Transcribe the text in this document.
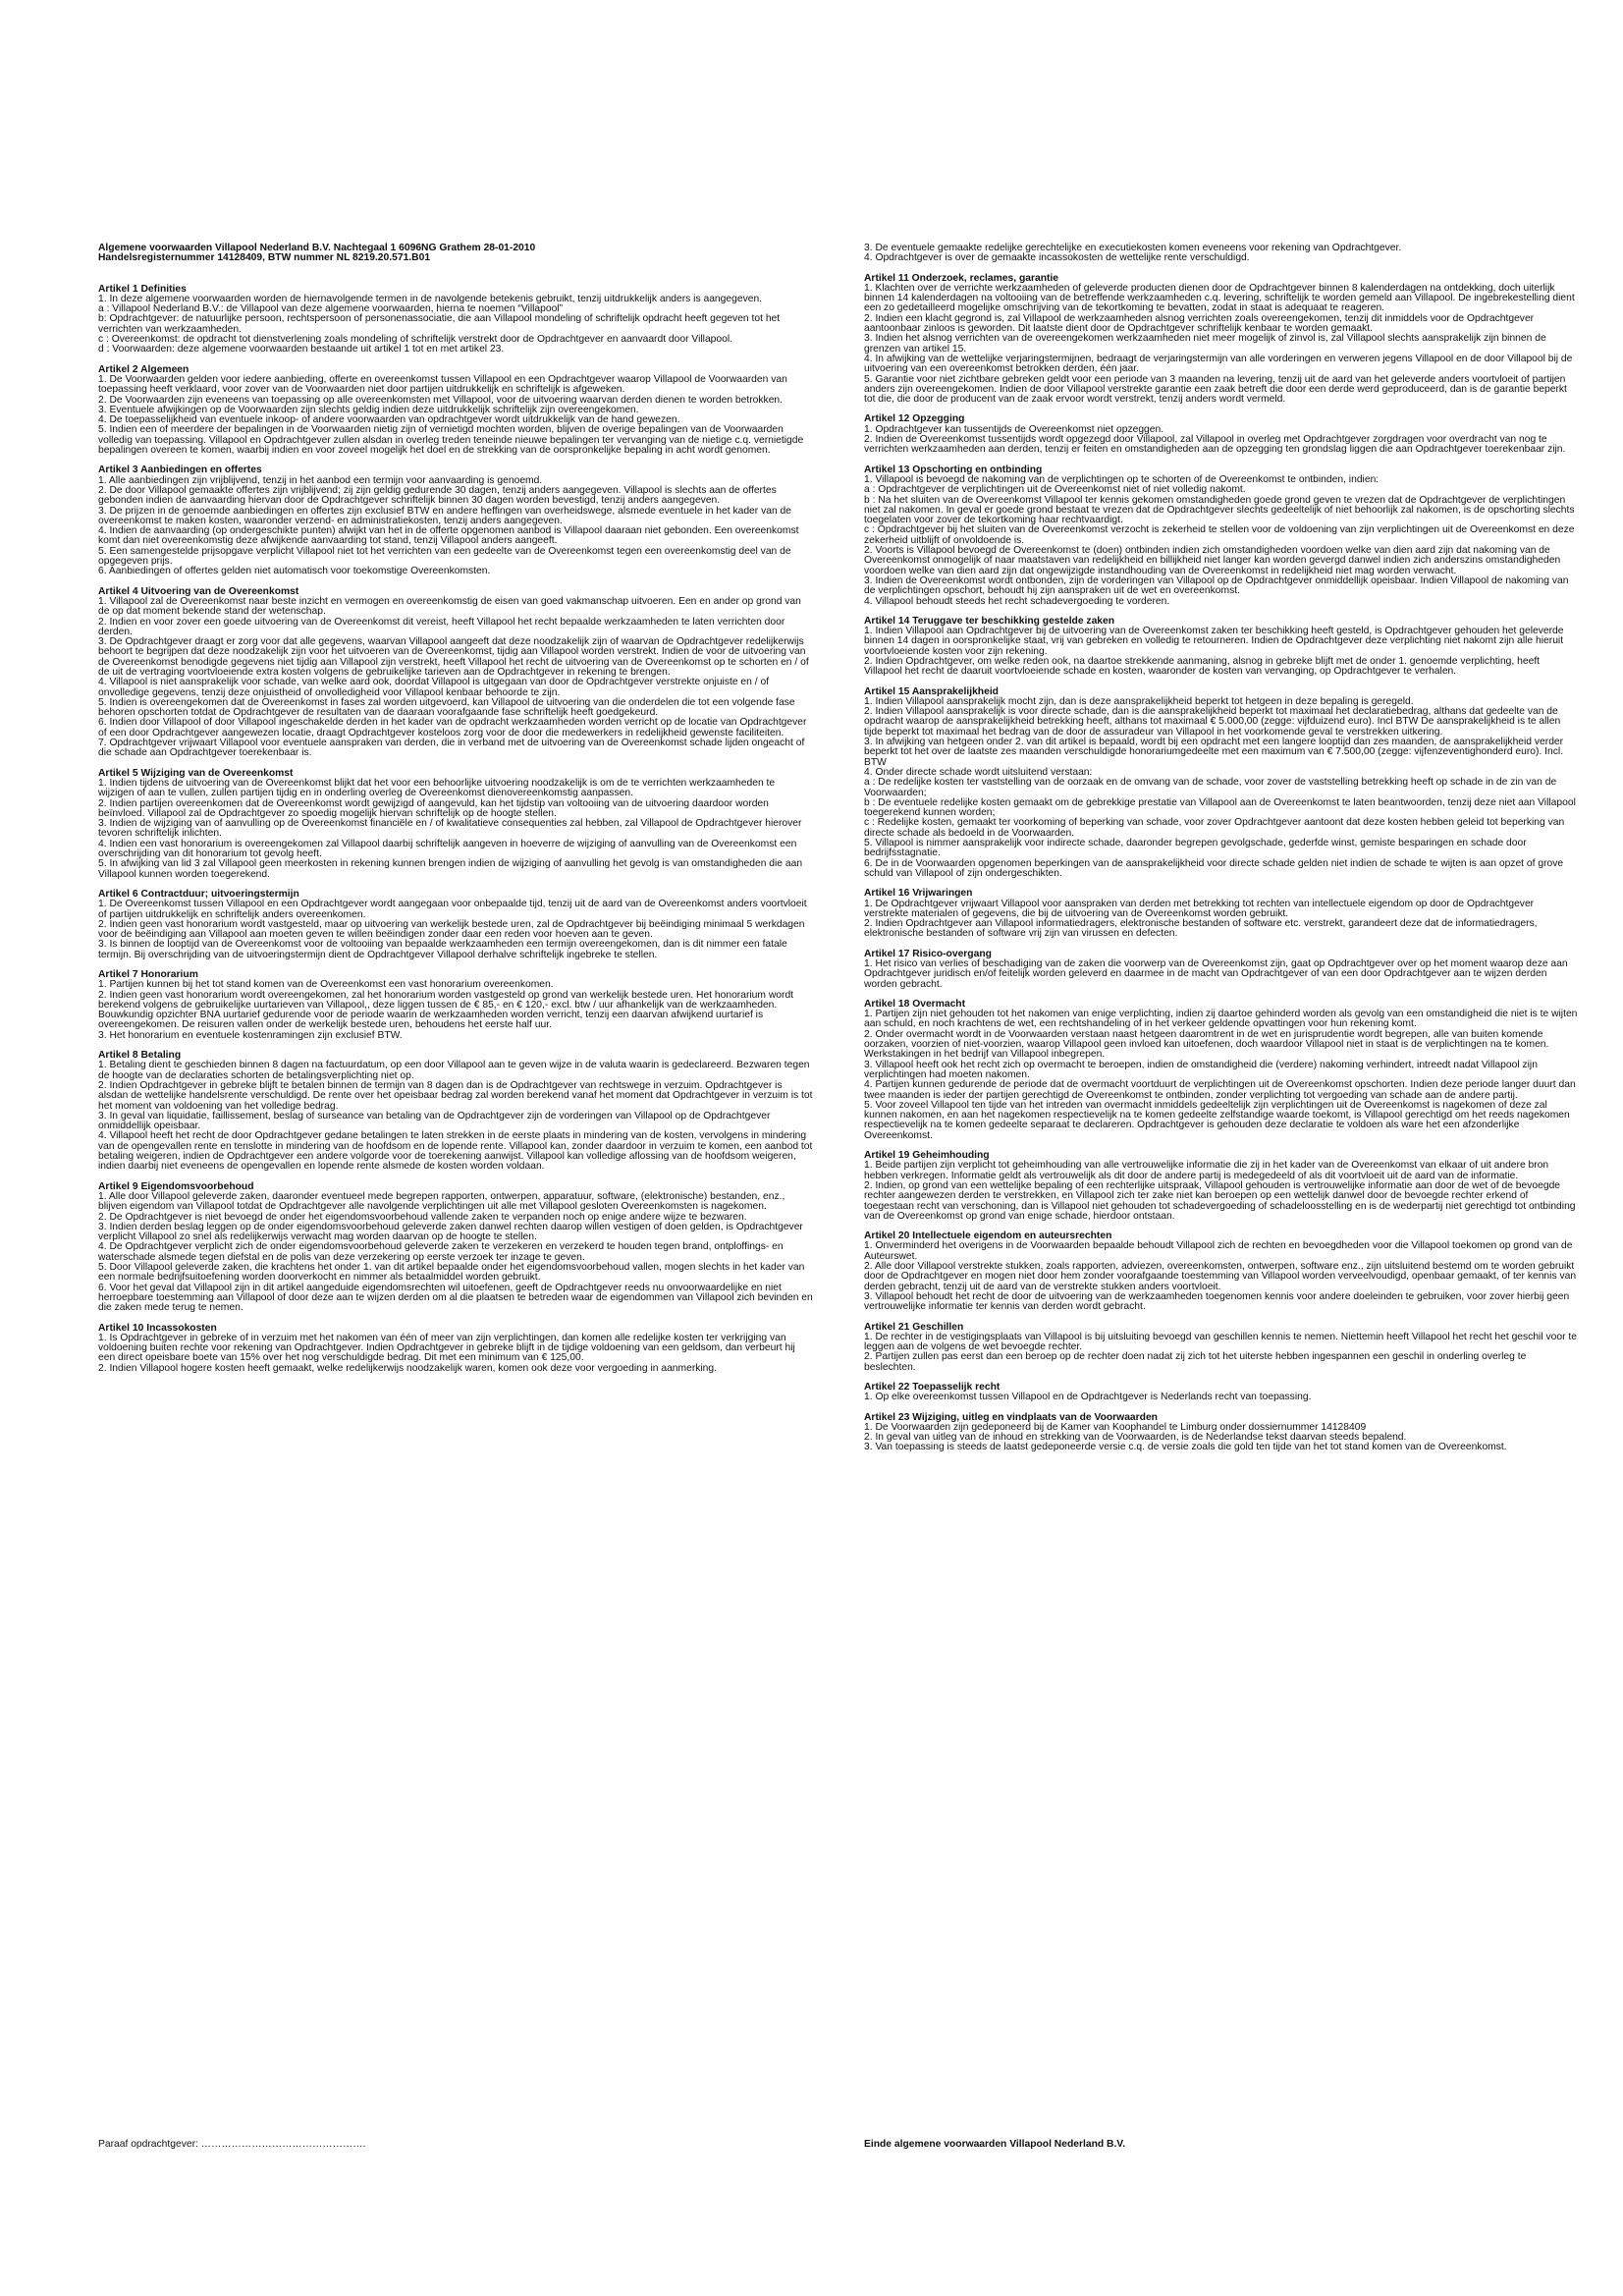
Algemene voorwaarden Villapool Nederland B.V. Nachtegaal 1 6096NG Grathem 28-01-2010
Handelsregisternummer 14128409, BTW nummer NL 8219.20.571.B01
Artikel 1 Definities

1. In deze algemene voorwaarden worden de hiernavolgende termen in de navolgende betekenis gebruikt, tenzij uitdrukkelijk anders is aangegeven.

a : Villapool Nederland B.V.: de Villapool van deze algemene voorwaarden, hierna te noemen “Villapool”

b: Opdrachtgever: de natuurlijke persoon, rechtspersoon of personenassociatie, die aan Villapool mondeling of schriftelijk opdracht heeft gegeven tot het verrichten van werkzaamheden.

c : Overeenkomst: de opdracht tot dienstverlening zoals mondeling of schriftelijk verstrekt door de Opdrachtgever en aanvaardt door Villapool.

d : Voorwaarden: deze algemene voorwaarden bestaande uit artikel 1 tot en met artikel 23.

Artikel 2 Algemeen

1. De Voorwaarden gelden voor iedere aanbieding, offerte en overeenkomst tussen Villapool en een Opdrachtgever waarop Villapool de Voorwaarden van toepassing heeft verklaard, voor zover van de Voorwaarden niet door partijen uitdrukkelijk en schriftelijk is afgeweken.

2. De Voorwaarden zijn eveneens van toepassing op alle overeenkomsten met Villapool, voor de uitvoering waarvan derden dienen te worden betrokken.

3. Eventuele afwijkingen op de Voorwaarden zijn slechts geldig indien deze uitdrukkelijk schriftelijk zijn overeengekomen.

4. De toepasselijkheid van eventuele inkoop- of andere voorwaarden van opdrachtgever wordt uitdrukkelijk van de hand gewezen.

5. Indien een of meerdere der bepalingen in de Voorwaarden nietig zijn of vernietigd mochten worden, blijven de overige bepalingen van de Voorwaarden volledig van toepassing. Villapool en Opdrachtgever zullen alsdan in overleg treden teneinde nieuwe bepalingen ter vervanging van de nietige c.q. vernietigde bepalingen overeen te komen, waarbij indien en voor zoveel mogelijk het doel en de strekking van de oorspronkelijke bepaling in acht wordt genomen.

Artikel 3 Aanbiedingen en offertes

1. Alle aanbiedingen zijn vrijblijvend, tenzij in het aanbod een termijn voor aanvaarding is genoemd.

2. De door Villapool gemaakte offertes zijn vrijblijvend; zij zijn geldig gedurende 30 dagen, tenzij anders aangegeven. Villapool is slechts aan de offertes gebonden indien de aanvaarding hiervan door de Opdrachtgever schriftelijk binnen 30 dagen worden bevestigd, tenzij anders aangegeven.

3. De prijzen in de genoemde aanbiedingen en offertes zijn exclusief BTW en andere heffingen van overheidswege, alsmede eventuele in het kader van de overeenkomst te maken kosten, waaronder verzend- en administratiekosten, tenzij anders aangegeven.

4. Indien de aanvaarding (op ondergeschikte punten) afwijkt van het in de offerte opgenomen aanbod is Villapool daaraan niet gebonden. Een overeenkomst komt dan niet overeenkomstig deze afwijkende aanvaarding tot stand, tenzij Villapool anders aangeeft.

5. Een samengestelde prijsopgave verplicht Villapool niet tot het verrichten van een gedeelte van de Overeenkomst tegen een overeenkomstig deel van de opgegeven prijs.

6. Aanbiedingen of offertes gelden niet automatisch voor toekomstige Overeenkomsten.

Artikel 4 Uitvoering van de Overeenkomst

1. Villapool zal de Overeenkomst naar beste inzicht en vermogen en overeenkomstig de eisen van goed vakmanschap uitvoeren. Een en ander op grond van de op dat moment bekende stand der wetenschap.

2. Indien en voor zover een goede uitvoering van de Overeenkomst dit vereist, heeft Villapool het recht bepaalde werkzaamheden te laten verrichten door derden.

3. De Opdrachtgever draagt er zorg voor dat alle gegevens, waarvan Villapool aangeeft dat deze noodzakelijk zijn of waarvan de Opdrachtgever redelijkerwijs behoort te begrijpen dat deze noodzakelijk zijn voor het uitvoeren van de Overeenkomst, tijdig aan Villapool worden verstrekt. Indien de voor de uitvoering van de Overeenkomst benodigde gegevens niet tijdig aan Villapool zijn verstrekt, heeft Villapool het recht de uitvoering van de Overeenkomst op te schorten en / of de uit de vertraging voortvloeiende extra kosten volgens de gebruikelijke tarieven aan de Opdrachtgever in rekening te brengen.

4. Villapool is niet aansprakelijk voor schade, van welke aard ook, doordat Villapool is uitgegaan van door de Opdrachtgever verstrekte onjuiste en / of onvolledige gegevens, tenzij deze onjuistheid of onvolledigheid voor Villapool kenbaar behoorde te zijn.

5. Indien is overeengekomen dat de Overeenkomst in fases zal worden uitgevoerd, kan Villapool de uitvoering van die onderdelen die tot een volgende fase behoren opschorten totdat de Opdrachtgever de resultaten van de daaraan voorafgaande fase schriftelijk heeft goedgekeurd.

6. Indien door Villapool of door Villapool ingeschakelde derden in het kader van de opdracht werkzaamheden worden verricht op de locatie van Opdrachtgever of een door Opdrachtgever aangewezen locatie, draagt Opdrachtgever kosteloos zorg voor de door die medewerkers in redelijkheid gewenste faciliteiten.

7. Opdrachtgever vrijwaart Villapool voor eventuele aanspraken van derden, die in verband met de uitvoering van de Overeenkomst schade lijden ongeacht of die schade aan Opdrachtgever toerekenbaar is.

Artikel 5 Wijziging van de Overeenkomst

1. Indien tijdens de uitvoering van de Overeenkomst blijkt dat het voor een behoorlijke uitvoering noodzakelijk is om de te verrichten werkzaamheden te wijzigen of aan te vullen, zullen partijen tijdig en in onderling overleg de Overeenkomst dienovereenkomstig aanpassen.

2. Indien partijen overeenkomen dat de Overeenkomst wordt gewijzigd of aangevuld, kan het tijdstip van voltooiing van de uitvoering daardoor worden beïnvloed. Villapool zal de Opdrachtgever zo spoedig mogelijk hiervan schriftelijk op de hoogte stellen.

3. Indien de wijziging van of aanvulling op de Overeenkomst financiële en / of kwalitatieve consequenties zal hebben, zal Villapool de Opdrachtgever hierover tevoren schriftelijk inlichten.

4. Indien een vast honorarium is overeengekomen zal Villapool daarbij schriftelijk aangeven in hoeverre de wijziging of aanvulling van de Overeenkomst een overschrijding van dit honorarium tot gevolg heeft.

5. In afwijking van lid 3 zal Villapool geen meerkosten in rekening kunnen brengen indien de wijziging of aanvulling het gevolg is van omstandigheden die aan Villapool kunnen worden toegerekend.

Artikel 6 Contractduur; uitvoeringstermijn

1. De Overeenkomst tussen Villapool en een Opdrachtgever wordt aangegaan voor onbepaalde tijd, tenzij uit de aard van de Overeenkomst anders voortvloeit of partijen uitdrukkelijk en schriftelijk anders overeenkomen.

2. Indien geen vast honorarium wordt vastgesteld, maar op uitvoering van werkelijk bestede uren, zal de Opdrachtgever bij beëindiging minimaal 5 werkdagen voor de beëindiging aan Villapool aan moeten geven te willen beëindigen zonder daar een reden voor hoeven aan te geven.

3. Is binnen de looptijd van de Overeenkomst voor de voltooiing van bepaalde werkzaamheden een termijn overeengekomen, dan is dit nimmer een fatale termijn. Bij overschrijding van de uitvoeringstermijn dient de Opdrachtgever Villapool derhalve schriftelijk ingebreke te stellen.

Artikel 7 Honorarium

1. Partijen kunnen bij het tot stand komen van de Overeenkomst een vast honorarium overeenkomen.

2. Indien geen vast honorarium wordt overeengekomen, zal het honorarium worden vastgesteld op grond van werkelijk bestede uren. Het honorarium wordt berekend volgens de gebruikelijke uurtarieven van Villapool,, deze liggen tussen de € 85,- en € 120,- excl. btw / uur afhankelijk van de werkzaamheden. Bouwkundig opzichter BNA uurtarief gedurende voor de periode waarin de werkzaamheden worden verricht, tenzij een daarvan afwijkend uurtarief is overeengekomen. De reisuren vallen onder de werkelijk bestede uren, behoudens het eerste half uur.

3. Het honorarium en eventuele kostenramingen zijn exclusief BTW.

Artikel 8 Betaling

1. Betaling dient te geschieden binnen 8 dagen na factuurdatum, op een door Villapool aan te geven wijze in de valuta waarin is gedeclareerd. Bezwaren tegen de hoogte van de declaraties schorten de betalingsverplichting niet op.

2. Indien Opdrachtgever in gebreke blijft te betalen binnen de termijn van 8 dagen dan is de Opdrachtgever van rechtswege in verzuim. Opdrachtgever is alsdan de wettelijke handelsrente verschuldigd. De rente over het opeisbaar bedrag zal worden berekend vanaf het moment dat Opdrachtgever in verzuim is tot het moment van voldoening van het volledige bedrag.

3. In geval van liquidatie, faillissement, beslag of surseance van betaling van de Opdrachtgever zijn de vorderingen van Villapool op de Opdrachtgever onmiddellijk opeisbaar.

4. Villapool heeft het recht de door Opdrachtgever gedane betalingen te laten strekken in de eerste plaats in mindering van de kosten, vervolgens in mindering van de opengevallen rente en tenslotte in mindering van de hoofdsom en de lopende rente. Villapool kan, zonder daardoor in verzuim te komen, een aanbod tot betaling weigeren, indien de Opdrachtgever een andere volgorde voor de toerekening aanwijst. Villapool kan volledige aflossing van de hoofdsom weigeren, indien daarbij niet eveneens de opengevallen en lopende rente alsmede de kosten worden voldaan.

Artikel 9 Eigendomsvoorbehoud

1. Alle door Villapool geleverde zaken, daaronder eventueel mede begrepen rapporten, ontwerpen, apparatuur, software, (elektronische) bestanden, enz., blijven eigendom van Villapool totdat de Opdrachtgever alle navolgende verplichtingen uit alle met Villapool gesloten Overeenkomsten is nagekomen.

2. De Opdrachtgever is niet bevoegd de onder het eigendomsvoorbehoud vallende zaken te verpanden noch op enige andere wijze te bezwaren.

3. Indien derden beslag leggen op de onder eigendomsvoorbehoud geleverde zaken danwel rechten daarop willen vestigen of doen gelden, is Opdrachtgever verplicht Villapool zo snel als redelijkerwijs verwacht mag worden daarvan op de hoogte te stellen.

4. De Opdrachtgever verplicht zich de onder eigendomsvoorbehoud geleverde zaken te verzekeren en verzekerd te houden tegen brand, ontploffings- en waterschade alsmede tegen diefstal en de polis van deze verzekering op eerste verzoek ter inzage te geven.

5. Door Villapool geleverde zaken, die krachtens het onder 1. van dit artikel bepaalde onder het eigendomsvoorbehoud vallen, mogen slechts in het kader van een normale bedrijfsuitoefening worden doorverkocht en nimmer als betaalmiddel worden gebruikt.

6. Voor het geval dat Villapool zijn in dit artikel aangeduide eigendomsrechten wil uitoefenen, geeft de Opdrachtgever reeds nu onvoorwaardelijke en niet herroepbare toestemming aan Villapool of door deze aan te wijzen derden om al die plaatsen te betreden waar de eigendommen van Villapool zich bevinden en die zaken mede terug te nemen.

Artikel 10 Incassokosten

1. Is Opdrachtgever in gebreke of in verzuim met het nakomen van één of meer van zijn verplichtingen, dan komen alle redelijke kosten ter verkrijging van voldoening buiten rechte voor rekening van Opdrachtgever. Indien Opdrachtgever in gebreke blijft in de tijdige voldoening van een geldsom, dan verbeurt hij een direct opeisbare boete van 15% over het nog verschuldigde bedrag. Dit met een minimum van € 125,00.

2. Indien Villapool hogere kosten heeft gemaakt, welke redelijkerwijs noodzakelijk waren, komen ook deze voor vergoeding in aanmerking.

3. De eventuele gemaakte redelijke gerechtelijke en executiekosten komen eveneens voor rekening van Opdrachtgever.

4. Opdrachtgever is over de gemaakte incassokosten de wettelijke rente verschuldigd.

Artikel 11 Onderzoek, reclames, garantie

1. Klachten over de verrichte werkzaamheden of geleverde producten dienen door de Opdrachtgever binnen 8 kalenderdagen na ontdekking, doch uiterlijk binnen 14 kalenderdagen na voltooiing van de betreffende werkzaamheden c.q. levering, schriftelijk te worden gemeld aan Villapool. De ingebrekestelling dient een zo gedetailleerd mogelijke omschrijving van de tekortkoming te bevatten, zodat in staat is adequaat te reageren.

2. Indien een klacht gegrond is, zal Villapool de werkzaamheden alsnog verrichten zoals overeengekomen, tenzij dit inmiddels voor de Opdrachtgever aantoonbaar zinloos is geworden. Dit laatste dient door de Opdrachtgever schriftelijk kenbaar te worden gemaakt.

3. Indien het alsnog verrichten van de overeengekomen werkzaamheden niet meer mogelijk of zinvol is, zal Villapool slechts aansprakelijk zijn binnen de grenzen van artikel 15.

4. In afwijking van de wettelijke verjaringstermijnen, bedraagt de verjaringstermijn van alle vorderingen en verweren jegens Villapool en de door Villapool bij de uitvoering van een overeenkomst betrokken derden, één jaar.

5. Garantie voor niet zichtbare gebreken geldt voor een periode van 3 maanden na levering, tenzij uit de aard van het geleverde anders voortvloeit of partijen anders zijn overeengekomen. Indien de door Villapool verstrekte garantie een zaak betreft die door een derde werd geproduceerd, dan is de garantie beperkt tot die, die door de producent van de zaak ervoor wordt verstrekt, tenzij anders wordt vermeld.

Artikel 12 Opzegging

1. Opdrachtgever kan tussentijds de Overeenkomst niet opzeggen.

2. Indien de Overeenkomst tussentijds wordt opgezegd door Villapool, zal Villapool in overleg met Opdrachtgever zorgdragen voor overdracht van nog te verrichten werkzaamheden aan derden, tenzij er feiten en omstandigheden aan de opzegging ten grondslag liggen die aan Opdrachtgever toerekenbaar zijn.

Artikel 13 Opschorting en ontbinding

1. Villapool is bevoegd de nakoming van de verplichtingen op te schorten of de Overeenkomst te ontbinden, indien:

a : Opdrachtgever de verplichtingen uit de Overeenkomst niet of niet volledig nakomt.

b : Na het sluiten van de Overeenkomst Villapool ter kennis gekomen omstandigheden goede grond geven te vrezen dat de Opdrachtgever de verplichtingen niet zal nakomen. In geval er goede grond bestaat te vrezen dat de Opdrachtgever slechts gedeeltelijk of niet behoorlijk zal nakomen, is de opschorting slechts toegelaten voor zover de tekortkoming haar rechtvaardigt.

c : Opdrachtgever bij het sluiten van de Overeenkomst verzocht is zekerheid te stellen voor de voldoening van zijn verplichtingen uit de Overeenkomst en deze zekerheid uitblijft of onvoldoende is.

2. Voorts is Villapool bevoegd de Overeenkomst te (doen) ontbinden indien zich omstandigheden voordoen welke van dien aard zijn dat nakoming van de Overeenkomst onmogelijk of naar maatstaven van redelijkheid en billijkheid niet langer kan worden gevergd danwel indien zich anderszins omstandigheden voordoen welke van dien aard zijn dat ongewijzigde instandhouding van de Overeenkomst in redelijkheid niet mag worden verwacht.

3. Indien de Overeenkomst wordt ontbonden, zijn de vorderingen van Villapool op de Opdrachtgever onmiddellijk opeisbaar. Indien Villapool de nakoming van de verplichtingen opschort, behoudt hij zijn aanspraken uit de wet en overeenkomst.

4. Villapool behoudt steeds het recht schadevergoeding te vorderen.

Artikel 14 Teruggave ter beschikking gestelde zaken

1. Indien Villapool aan Opdrachtgever bij de uitvoering van de Overeenkomst zaken ter beschikking heeft gesteld, is Opdrachtgever gehouden het geleverde binnen 14 dagen in oorspronkelijke staat, vrij van gebreken en volledig te retourneren. Indien de Opdrachtgever deze verplichting niet nakomt zijn alle hieruit voortvloeiende kosten voor zijn rekening.

2. Indien Opdrachtgever, om welke reden ook, na daartoe strekkende aanmaning, alsnog in gebreke blijft met de onder 1. genoemde verplichting, heeft Villapool het recht de daaruit voortvloeiende schade en kosten, waaronder de kosten van vervanging, op Opdrachtgever te verhalen.

Artikel 15 Aansprakelijkheid

1. Indien Villapool aansprakelijk mocht zijn, dan is deze aansprakelijkheid beperkt tot hetgeen in deze bepaling is geregeld.

2. Indien Villapool aansprakelijk is voor directe schade, dan is die aansprakelijkheid beperkt tot maximaal het declaratiebedrag, althans dat gedeelte van de opdracht waarop de aansprakelijkheid betrekking heeft, althans tot maximaal € 5.000,00 (zegge: vijfduizend euro). Incl BTW De aansprakelijkheid is te allen tijde beperkt tot maximaal het bedrag van de door de assuradeur van Villapool in het voorkomende geval te verstrekken uitkering.

3. In afwijking van hetgeen onder 2. van dit artikel is bepaald, wordt bij een opdracht met een langere looptijd dan zes maanden, de aansprakelijkheid verder beperkt tot het over de laatste zes maanden verschuldigde honorariumgedeelte met een maximum van € 7.500,00 (zegge: vijfenzeventighonderd euro). Incl. BTW

4. Onder directe schade wordt uitsluitend verstaan:

a : De redelijke kosten ter vaststelling van de oorzaak en de omvang van de schade, voor zover de vaststelling betrekking heeft op schade in de zin van de Voorwaarden;

b : De eventuele redelijke kosten gemaakt om de gebrekkige prestatie van Villapool aan de Overeenkomst te laten beantwoorden, tenzij deze niet aan Villapool toegerekend kunnen worden;

c : Redelijke kosten, gemaakt ter voorkoming of beperking van schade, voor zover Opdrachtgever aantoont dat deze kosten hebben geleid tot beperking van directe schade als bedoeld in de Voorwaarden.

5. Villapool is nimmer aansprakelijk voor indirecte schade, daaronder begrepen gevolgschade, gederfde winst, gemiste besparingen en schade door bedrijfsstagnatie.

6. De in de Voorwaarden opgenomen beperkingen van de aansprakelijkheid voor directe schade gelden niet indien de schade te wijten is aan opzet of grove schuld van Villapool of zijn ondergeschikten.

Artikel 16 Vrijwaringen

1. De Opdrachtgever vrijwaart Villapool voor aanspraken van derden met betrekking tot rechten van intellectuele eigendom op door de Opdrachtgever verstrekte materialen of gegevens, die bij de uitvoering van de Overeenkomst worden gebruikt.

2. Indien Opdrachtgever aan Villapool informatiedragers, elektronische bestanden of software etc. verstrekt, garandeert deze dat de informatiedragers, elektronische bestanden of software vrij zijn van virussen en defecten.

Artikel 17 Risico-overgang

1. Het risico van verlies of beschadiging van de zaken die voorwerp van de Overeenkomst zijn, gaat op Opdrachtgever over op het moment waarop deze aan Opdrachtgever juridisch en/of feitelijk worden geleverd en daarmee in de macht van Opdrachtgever of van een door Opdrachtgever aan te wijzen derden worden gebracht.

Artikel 18 Overmacht

1. Partijen zijn niet gehouden tot het nakomen van enige verplichting, indien zij daartoe gehinderd worden als gevolg van een omstandigheid die niet is te wijten aan schuld, en noch krachtens de wet, een rechtshandeling of in het verkeer geldende opvattingen voor hun rekening komt.

2. Onder overmacht wordt in de Voorwaarden verstaan naast hetgeen daaromtrent in de wet en jurisprudentie wordt begrepen, alle van buiten komende oorzaken, voorzien of niet-voorzien, waarop Villapool geen invloed kan uitoefenen, doch waardoor Villapool niet in staat is de verplichtingen na te komen. Werkstakingen in het bedrijf van Villapool inbegrepen.

3. Villapool heeft ook het recht zich op overmacht te beroepen, indien de omstandigheid die (verdere) nakoming verhindert, intreedt nadat Villapool zijn verplichtingen had moeten nakomen.

4. Partijen kunnen gedurende de periode dat de overmacht voortduurt de verplichtingen uit de Overeenkomst opschorten. Indien deze periode langer duurt dan twee maanden is ieder der partijen gerechtigd de Overeenkomst te ontbinden, zonder verplichting tot vergoeding van schade aan de andere partij.

5. Voor zoveel Villapool ten tijde van het intreden van overmacht inmiddels gedeeltelijk zijn verplichtingen uit de Overeenkomst is nagekomen of deze zal kunnen nakomen, en aan het nagekomen respectievelijk na te komen gedeelte zelfstandige waarde toekomt, is Villapool gerechtigd om het reeds nagekomen respectievelijk na te komen gedeelte separaat te declareren. Opdrachtgever is gehouden deze declaratie te voldoen als ware het een afzonderlijke Overeenkomst.

Artikel 19 Geheimhouding

1. Beide partijen zijn verplicht tot geheimhouding van alle vertrouwelijke informatie die zij in het kader van de Overeenkomst van elkaar of uit andere bron hebben verkregen. Informatie geldt als vertrouwelijk als dit door de andere partij is medegedeeld of als dit voortvloeit uit de aard van de informatie.

2. Indien, op grond van een wettelijke bepaling of een rechterlijke uitspraak, Villapool gehouden is vertrouwelijke informatie aan door de wet of de bevoegde rechter aangewezen derden te verstrekken, en Villapool zich ter zake niet kan beroepen op een wettelijk danwel door de bevoegde rechter erkend of toegestaan recht van verschoning, dan is Villapool niet gehouden tot schadevergoeding of schadeloosstelling en is de wederpartij niet gerechtigd tot ontbinding van de Overeenkomst op grond van enige schade, hierdoor ontstaan.

Artikel 20 Intellectuele eigendom en auteursrechten

1. Onverminderd het overigens in de Voorwaarden bepaalde behoudt Villapool zich de rechten en bevoegdheden voor die Villapool toekomen op grond van de Auteurswet.

2. Alle door Villapool verstrekte stukken, zoals rapporten, adviezen, overeenkomsten, ontwerpen, software enz., zijn uitsluitend bestemd om te worden gebruikt door de Opdrachtgever en mogen niet door hem zonder voorafgaande toestemming van Villapool worden verveelvoudigd, openbaar gemaakt, of ter kennis van derden gebracht, tenzij uit de aard van de verstrekte stukken anders voortvloeit.

3. Villapool behoudt het recht de door de uitvoering van de werkzaamheden toegenomen kennis voor andere doeleinden te gebruiken, voor zover hierbij geen vertrouwelijke informatie ter kennis van derden wordt gebracht.

Artikel 21 Geschillen

1. De rechter in de vestigingsplaats van Villapool is bij uitsluiting bevoegd van geschillen kennis te nemen. Niettemin heeft Villapool het recht het geschil voor te leggen aan de volgens de wet bevoegde rechter.

2. Partijen zullen pas eerst dan een beroep op de rechter doen nadat zij zich tot het uiterste hebben ingespannen een geschil in onderling overleg te beslechten.

Artikel 22 Toepasselijk recht

1. Op elke overeenkomst tussen Villapool en de Opdrachtgever is Nederlands recht van toepassing.

Artikel 23 Wijziging, uitleg en vindplaats van de Voorwaarden

1. De Voorwaarden zijn gedeponeerd bij de Kamer van Koophandel te Limburg onder dossiernummer 14128409

2. In geval van uitleg van de inhoud en strekking van de Voorwaarden, is de Nederlandse tekst daarvan steeds bepalend.

3. Van toepassing is steeds de laatst gedeponeerde versie c.q. de versie zoals die gold ten tijde van het tot stand komen van de Overeenkomst.

Paraaf opdrachtgever: ………………………………………….	Einde algemene voorwaarden Villapool Nederland B.V.
